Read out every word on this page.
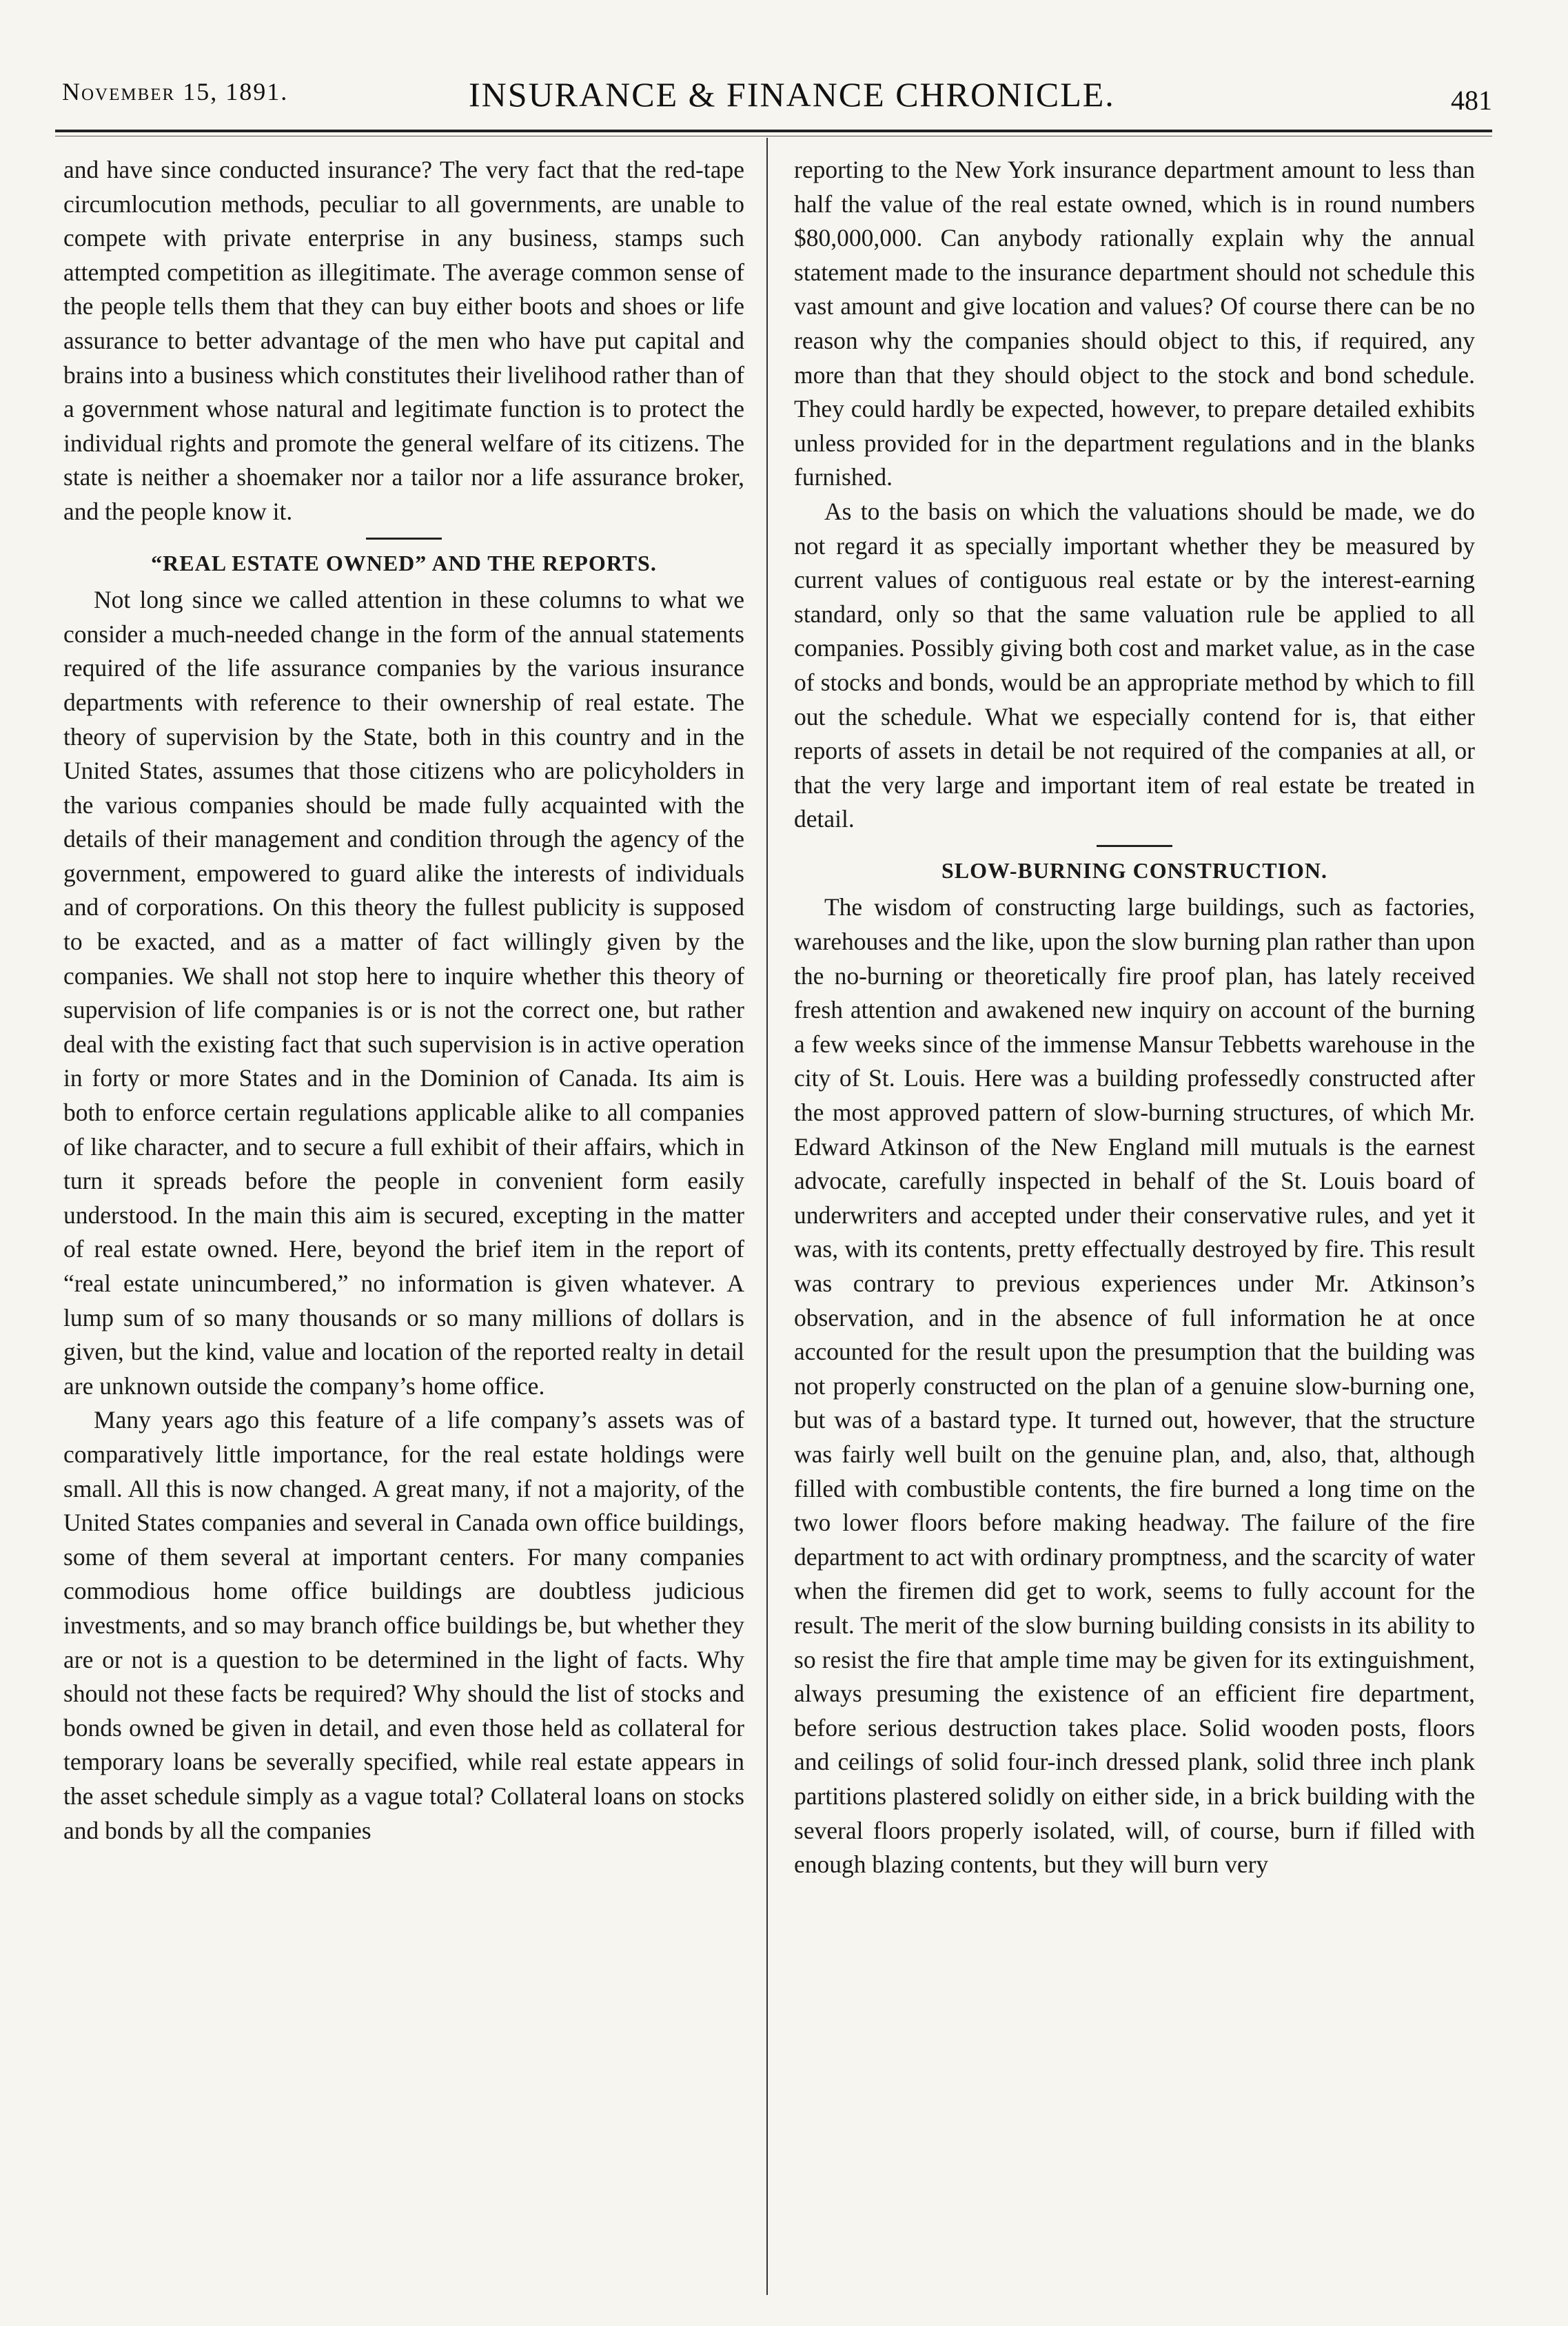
November 15, 1891.	INSURANCE & FINANCE CHRONICLE.	481

and have since conducted insurance? The very fact that the red-tape circumlocution methods, peculiar to all governments, are unable to compete with private enterprise in any business, stamps such attempted competition as illegitimate. The average common sense of the people tells them that they can buy either boots and shoes or life assurance to better advantage of the men who have put capital and brains into a business which constitutes their livelihood rather than of a government whose natural and legitimate function is to protect the individual rights and promote the general welfare of its citizens. The state is neither a shoemaker nor a tailor nor a life assurance broker, and the people know it.

“REAL ESTATE OWNED” AND THE REPORTS.

Not long since we called attention in these columns to what we consider a much-needed change in the form of the annual statements required of the life assurance companies by the various insurance departments with reference to their ownership of real estate. The theory of supervision by the State, both in this country and in the United States, assumes that those citizens who are policyholders in the various companies should be made fully acquainted with the details of their management and condition through the agency of the government, empowered to guard alike the interests of individuals and of corporations. On this theory the fullest publicity is supposed to be exacted, and as a matter of fact willingly given by the companies. We shall not stop here to inquire whether this theory of supervision of life companies is or is not the correct one, but rather deal with the existing fact that such supervision is in active operation in forty or more States and in the Dominion of Canada. Its aim is both to enforce certain regulations applicable alike to all companies of like character, and to secure a full exhibit of their affairs, which in turn it spreads before the people in convenient form easily understood. In the main this aim is secured, excepting in the matter of real estate owned. Here, beyond the brief item in the report of “real estate unincumbered,” no information is given whatever. A lump sum of so many thousands or so many millions of dollars is given, but the kind, value and location of the reported realty in detail are unknown outside the company’s home office.

Many years ago this feature of a life company’s assets was of comparatively little importance, for the real estate holdings were small. All this is now changed. A great many, if not a majority, of the United States companies and several in Canada own office buildings, some of them several at important centers. For many companies commodious home office buildings are doubtless judicious investments, and so may branch office buildings be, but whether they are or not is a question to be determined in the light of facts. Why should not these facts be required? Why should the list of stocks and bonds owned be given in detail, and even those held as collateral for temporary loans be severally specified, while real estate appears in the asset schedule simply as a vague total? Collateral loans on stocks and bonds by all the companies

reporting to the New York insurance department amount to less than half the value of the real estate owned, which is in round numbers $80,000,000. Can anybody rationally explain why the annual statement made to the insurance department should not schedule this vast amount and give location and values? Of course there can be no reason why the companies should object to this, if required, any more than that they should object to the stock and bond schedule. They could hardly be expected, however, to prepare detailed exhibits unless provided for in the department regulations and in the blanks furnished.

As to the basis on which the valuations should be made, we do not regard it as specially important whether they be measured by current values of contiguous real estate or by the interest-earning standard, only so that the same valuation rule be applied to all companies. Possibly giving both cost and market value, as in the case of stocks and bonds, would be an appropriate method by which to fill out the schedule. What we especially contend for is, that either reports of assets in detail be not required of the companies at all, or that the very large and important item of real estate be treated in detail.

SLOW-BURNING CONSTRUCTION.

The wisdom of constructing large buildings, such as factories, warehouses and the like, upon the slow burning plan rather than upon the no-burning or theoretically fire proof plan, has lately received fresh attention and awakened new inquiry on account of the burning a few weeks since of the immense Mansur Tebbetts warehouse in the city of St. Louis. Here was a building professedly constructed after the most approved pattern of slow-burning structures, of which Mr. Edward Atkinson of the New England mill mutuals is the earnest advocate, carefully inspected in behalf of the St. Louis board of underwriters and accepted under their conservative rules, and yet it was, with its contents, pretty effectually destroyed by fire. This result was contrary to previous experiences under Mr. Atkinson’s observation, and in the absence of full information he at once accounted for the result upon the presumption that the building was not properly constructed on the plan of a genuine slow-burning one, but was of a bastard type. It turned out, however, that the structure was fairly well built on the genuine plan, and, also, that, although filled with combustible contents, the fire burned a long time on the two lower floors before making headway. The failure of the fire department to act with ordinary promptness, and the scarcity of water when the firemen did get to work, seems to fully account for the result. The merit of the slow burning building consists in its ability to so resist the fire that ample time may be given for its extinguishment, always presuming the existence of an efficient fire department, before serious destruction takes place. Solid wooden posts, floors and ceilings of solid four-inch dressed plank, solid three inch plank partitions plastered solidly on either side, in a brick building with the several floors properly isolated, will, of course, burn if filled with enough blazing contents, but they will burn very
